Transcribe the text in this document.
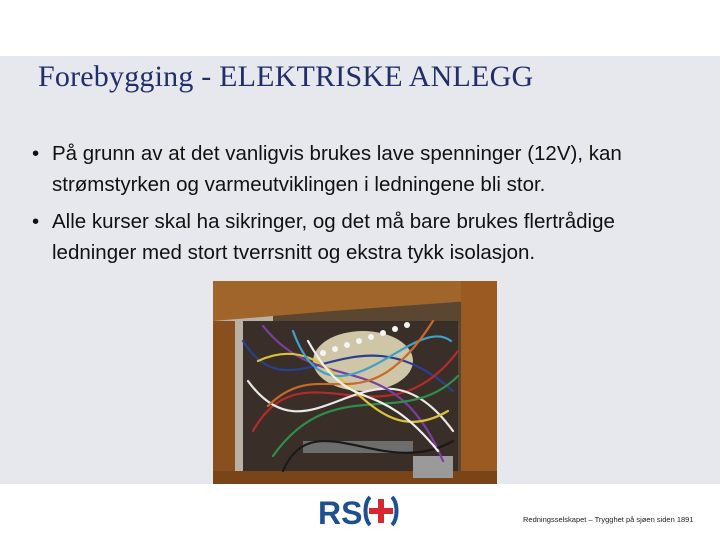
Forebygging - ELEKTRISKE ANLEGG
• På grunn av at det vanligvis brukes lave spenninger (12V), kan strømstyrken og varmeutviklingen i ledningene bli stor.
• Alle kurser skal ha sikringer, og det må bare brukes flertrådige ledninger med stort tverrsnitt og ekstra tykk isolasjon.
RS	Redningsselskapet – Trygghet på sjøen siden 1891
